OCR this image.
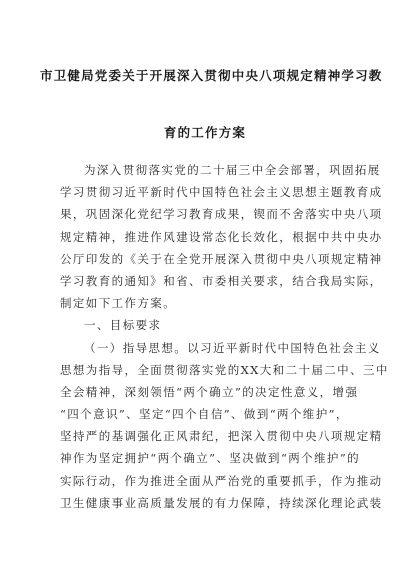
市卫健局党委关于开展深入贯彻中央八项规定精神学习教
育的工作方案
为深入贯彻落实党的二十届三中全会部署，巩固拓展
学习贯彻习近平新时代中国特色社会主义思想主题教育成
果，巩固深化党纪学习教育成果，锲而不舍落实中央八项
规定精神，推进作风建设常态化长效化，根据中共中央办
公厅印发的《关于在全党开展深入贯彻中央八项规定精神
学习教育的通知》和省、市委相关要求，结合我局实际，
制定如下工作方案。
一、目标要求
（一）指导思想。以习近平新时代中国特色社会主义
思想为指导，全面贯彻落实党的XX大和二十届二中、三中
全会精神，深刻领悟“两个确立”的决定性意义，增强
“四个意识”、坚定“四个自信”、做到“两个维护”，
坚持严的基调强化正风肃纪，把深入贯彻中央八项规定精
神作为坚定拥护“两个确立”、坚决做到“两个维护”的
实际行动，作为推进全面从严治党的重要抓手，作为推动
卫生健康事业高质量发展的有力保障，持续深化理论武装
